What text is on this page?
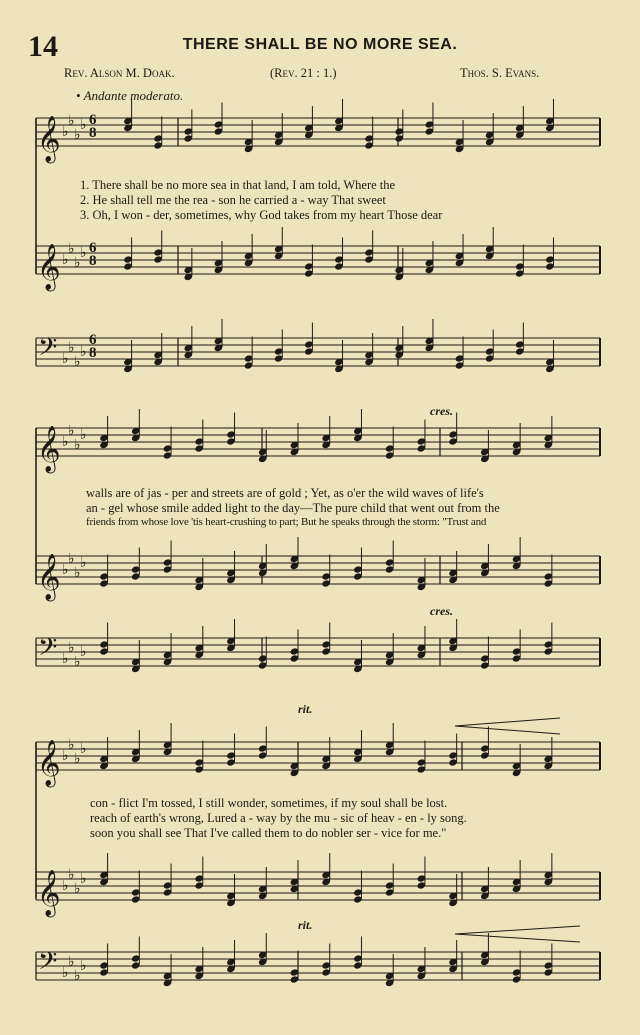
14	THERE SHALL BE NO MORE SEA.
Rev. Alson M. Doak.	(Rev. 21 : 1.)	Thos. S. Evans.
• Andante moderato.
𝄞 ♭
♭
♭
♭
𝄞 ♭
♭
♭
♭
𝄢 ♭
♭
♭
♭
𝄞 ♭
♭
♭
♭
𝄞 ♭
♭
♭
♭
𝄢 ♭
♭
♭
♭
𝄞 ♭
♭
♭
♭
𝄞 ♭
♭
♭
♭
𝄢 ♭
♭
♭
♭
6
8
6
8
6
8
cres.
cres.
rit.
rit.
1. There shall be no more sea in that land, I am told, Where the
2. He shall tell me the rea - son he carried a - way That sweet
3. Oh, I won - der, sometimes, why God takes from my heart Those dear
walls are of jas - per and streets are of gold ; Yet, as o'er the wild waves of life's
an - gel whose smile added light to the day—The pure child that went out from the
friends from whose love 'tis heart-crushing to part; But he speaks through the storm: "Trust and
con - flict I'm tossed, I still wonder, sometimes, if my soul shall be lost.
reach of earth's wrong, Lured a - way by the mu - sic of heav - en - ly song.
soon you shall see That I've called them to do nobler ser - vice for me."
